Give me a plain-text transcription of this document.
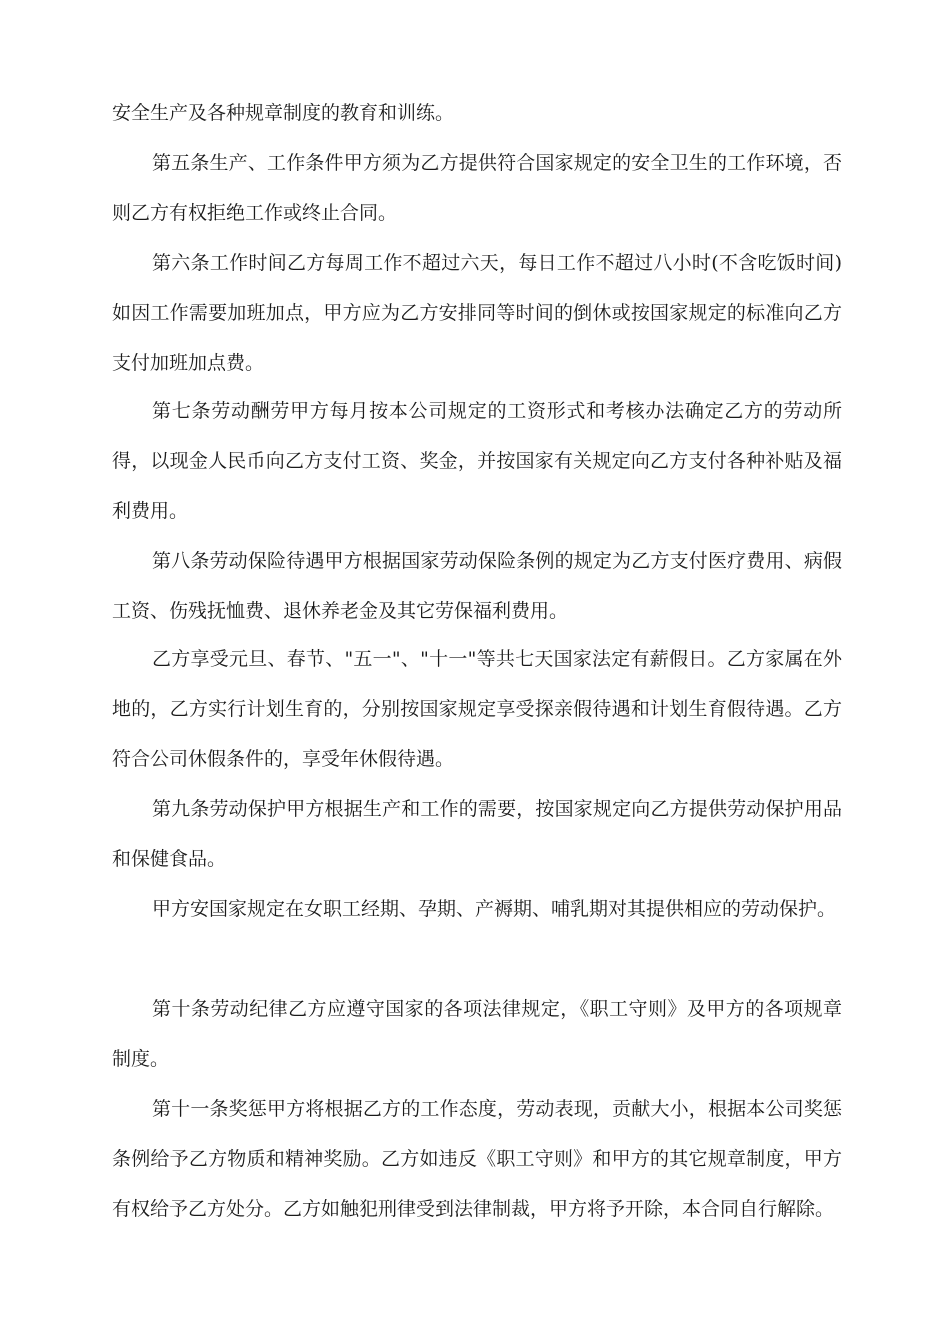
安全生产及各种规章制度的教育和训练。

第五条生产、工作条件甲方须为乙方提供符合国家规定的安全卫生的工作环境，否则乙方有权拒绝工作或终止合同。

第六条工作时间乙方每周工作不超过六天，每日工作不超过八小时(不含吃饭时间)如因工作需要加班加点，甲方应为乙方安排同等时间的倒休或按国家规定的标准向乙方支付加班加点费。

第七条劳动酬劳甲方每月按本公司规定的工资形式和考核办法确定乙方的劳动所得，以现金人民币向乙方支付工资、奖金，并按国家有关规定向乙方支付各种补贴及福利费用。

第八条劳动保险待遇甲方根据国家劳动保险条例的规定为乙方支付医疗费用、病假工资、伤残抚恤费、退休养老金及其它劳保福利费用。

乙方享受元旦、春节、"五一"、"十一"等共七天国家法定有薪假日。乙方家属在外地的，乙方实行计划生育的，分别按国家规定享受探亲假待遇和计划生育假待遇。乙方符合公司休假条件的，享受年休假待遇。

第九条劳动保护甲方根据生产和工作的需要，按国家规定向乙方提供劳动保护用品和保健食品。

甲方安国家规定在女职工经期、孕期、产褥期、哺乳期对其提供相应的劳动保护。

第十条劳动纪律乙方应遵守国家的各项法律规定，《职工守则》及甲方的各项规章制度。

第十一条奖惩甲方将根据乙方的工作态度，劳动表现，贡献大小，根据本公司奖惩条例给予乙方物质和精神奖励。乙方如违反《职工守则》和甲方的其它规章制度，甲方有权给予乙方处分。乙方如触犯刑律受到法律制裁，甲方将予开除，本合同自行解除。
